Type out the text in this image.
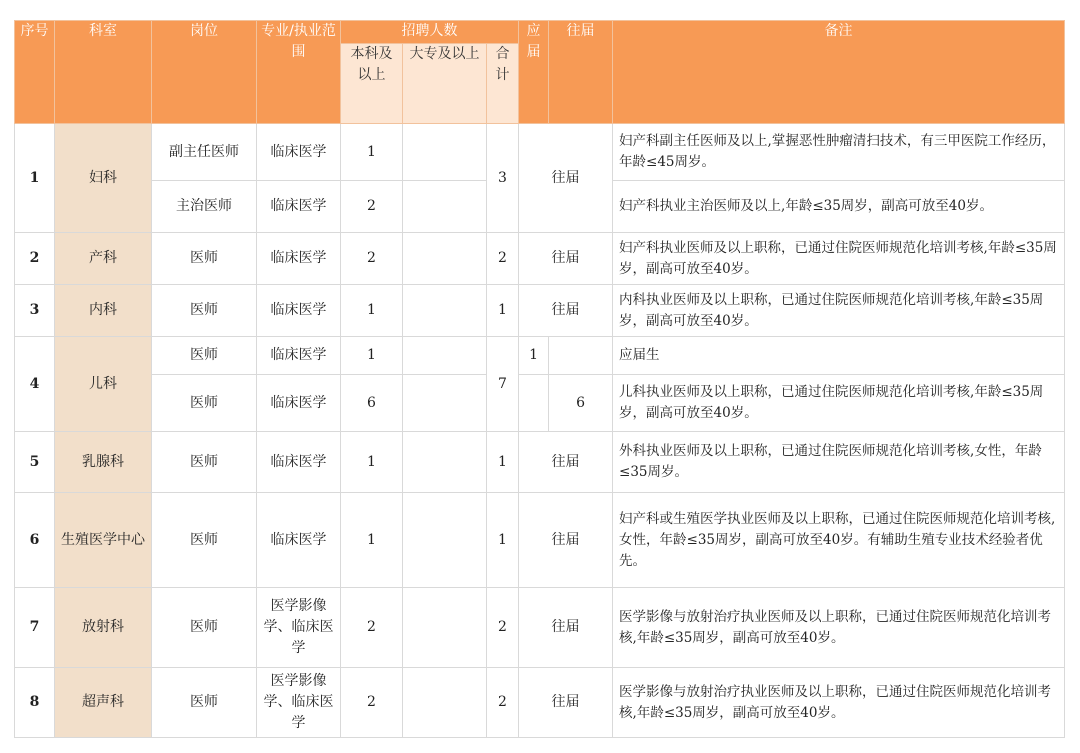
序号	科室	岗位	专业/执业范围	招聘人数			应届	往届	备注
				本科及以上	大专及以上	合计			
1	妇科	副主任医师	临床医学	1		3	往届		妇产科副主任医师及以上,掌握恶性肿瘤清扫技术，有三甲医院工作经历，年龄≤45周岁。
		主治医师	临床医学	2					妇产科执业主治医师及以上,年龄≤35周岁，副高可放至40岁。
2	产科	医师	临床医学	2		2	往届		妇产科执业医师及以上职称，已通过住院医师规范化培训考核,年龄≤35周岁，副高可放至40岁。
3	内科	医师	临床医学	1		1	往届		内科执业医师及以上职称，已通过住院医师规范化培训考核,年龄≤35周岁，副高可放至40岁。
4	儿科	医师	临床医学	1		7	1		应届生
		医师	临床医学	6				6	儿科执业医师及以上职称，已通过住院医师规范化培训考核,年龄≤35周岁，副高可放至40岁。
5	乳腺科	医师	临床医学	1		1	往届		外科执业医师及以上职称，已通过住院医师规范化培训考核,女性，年龄≤35周岁。
6	生殖医学中心	医师	临床医学	1		1	往届		妇产科或生殖医学执业医师及以上职称，已通过住院医师规范化培训考核,女性，年龄≤35周岁，副高可放至40岁。有辅助生殖专业技术经验者优先。
7	放射科	医师	医学影像学、临床医学	2		2	往届		医学影像与放射治疗执业医师及以上职称，已通过住院医师规范化培训考核,年龄≤35周岁，副高可放至40岁。
8	超声科	医师	医学影像学、临床医学	2		2	往届		医学影像与放射治疗执业医师及以上职称，已通过住院医师规范化培训考核,年龄≤35周岁，副高可放至40岁。
